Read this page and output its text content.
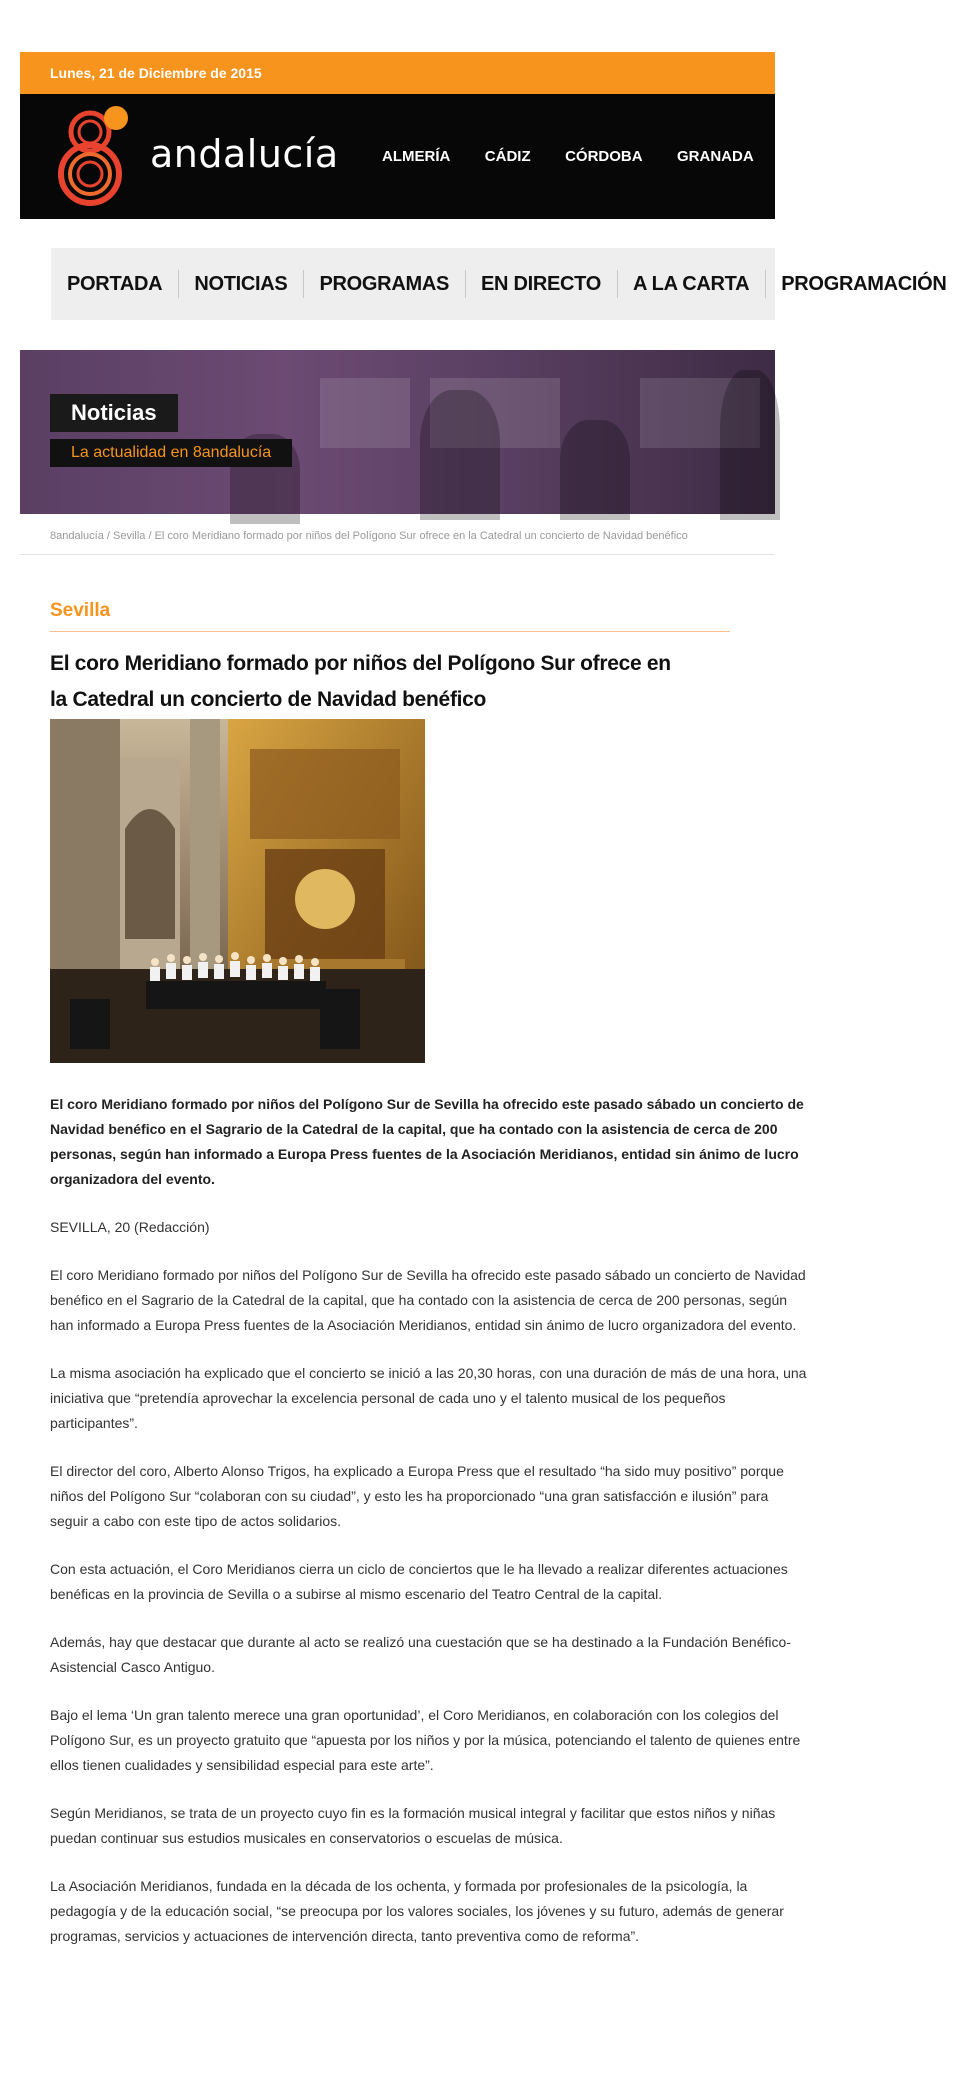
Lunes, 21 de Diciembre de 2015
andalucía	ALMERÍA CÁDIZ CÓRDOBA GRANADA HUELVA
PORTADA NOTICIAS PROGRAMAS EN DIRECTO A LA CARTA PROGRAMACIÓN
Noticias
La actualidad en 8andalucía
8andalucía / Sevilla / El coro Meridiano formado por niños del Polígono Sur ofrece en la Catedral un concierto de Navidad benéfico
Sevilla
El coro Meridiano formado por niños del Polígono Sur ofrece en la Catedral un concierto de Navidad benéfico

El coro Meridiano formado por niños del Polígono Sur de Sevilla ha ofrecido este pasado sábado un concierto de Navidad benéfico en el Sagrario de la Catedral de la capital, que ha contado con la asistencia de cerca de 200 personas, según han informado a Europa Press fuentes de la Asociación Meridianos, entidad sin ánimo de lucro organizadora del evento.

SEVILLA, 20 (Redacción)

El coro Meridiano formado por niños del Polígono Sur de Sevilla ha ofrecido este pasado sábado un concierto de Navidad benéfico en el Sagrario de la Catedral de la capital, que ha contado con la asistencia de cerca de 200 personas, según han informado a Europa Press fuentes de la Asociación Meridianos, entidad sin ánimo de lucro organizadora del evento.

La misma asociación ha explicado que el concierto se inició a las 20,30 horas, con una duración de más de una hora, una iniciativa que “pretendía aprovechar la excelencia personal de cada uno y el talento musical de los pequeños participantes”.

El director del coro, Alberto Alonso Trigos, ha explicado a Europa Press que el resultado “ha sido muy positivo” porque niños del Polígono Sur “colaboran con su ciudad”, y esto les ha proporcionado “una gran satisfacción e ilusión” para seguir a cabo con este tipo de actos solidarios.

Con esta actuación, el Coro Meridianos cierra un ciclo de conciertos que le ha llevado a realizar diferentes actuaciones benéficas en la provincia de Sevilla o a subirse al mismo escenario del Teatro Central de la capital.

Además, hay que destacar que durante al acto se realizó una cuestación que se ha destinado a la Fundación Benéfico-Asistencial Casco Antiguo.

Bajo el lema ‘Un gran talento merece una gran oportunidad’, el Coro Meridianos, en colaboración con los colegios del Polígono Sur, es un proyecto gratuito que “apuesta por los niños y por la música, potenciando el talento de quienes entre ellos tienen cualidades y sensibilidad especial para este arte”.

Según Meridianos, se trata de un proyecto cuyo fin es la formación musical integral y facilitar que estos niños y niñas puedan continuar sus estudios musicales en conservatorios o escuelas de música.

La Asociación Meridianos, fundada en la década de los ochenta, y formada por profesionales de la psicología, la pedagogía y de la educación social, “se preocupa por los valores sociales, los jóvenes y su futuro, además de generar programas, servicios y actuaciones de intervención directa, tanto preventiva como de reforma”.
